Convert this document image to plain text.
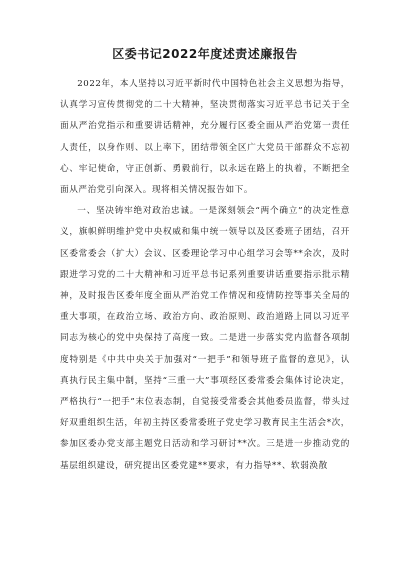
区委书记2022年度述责述廉报告

2022年，本人坚持以习近平新时代中国特色社会主义思想为指导，认真学习宣传贯彻党的二十大精神，坚决贯彻落实习近平总书记关于全面从严治党指示和重要讲话精神，充分履行区委全面从严治党第一责任人责任，以身作则、以上率下，团结带领全区广大党员干部群众不忘初心、牢记使命，守正创新、勇毅前行，以永远在路上的执着，不断把全面从严治党引向深入。现将相关情况报告如下。

一、坚决铸牢绝对政治忠诚。一是深刻领会“两个确立”的决定性意义，旗帜鲜明维护党中央权威和集中统一领导以及区委班子团结，召开区委常委会（扩大）会议、区委理论学习中心组学习会等**余次，及时跟进学习党的二十大精神和习近平总书记系列重要讲话重要指示批示精神，及时报告区委年度全面从严治党工作情况和疫情防控等事关全局的重大事项，在政治立场、政治方向、政治原则、政治道路上同以习近平同志为核心的党中央保持了高度一致。二是进一步落实党内监督各项制度特别是《中共中央关于加强对“一把手”和领导班子监督的意见》，认真执行民主集中制，坚持“三重一大”事项经区委常委会集体讨论决定，严格执行“一把手”末位表态制，自觉接受常委会其他委员监督，带头过好双重组织生活，年初主持区委常委班子党史学习教育民主生活会*次，参加区委办党支部主题党日活动和学习研讨**次。三是进一步推动党的基层组织建设，研究提出区委党建**要求，有力指导**、软弱涣散
